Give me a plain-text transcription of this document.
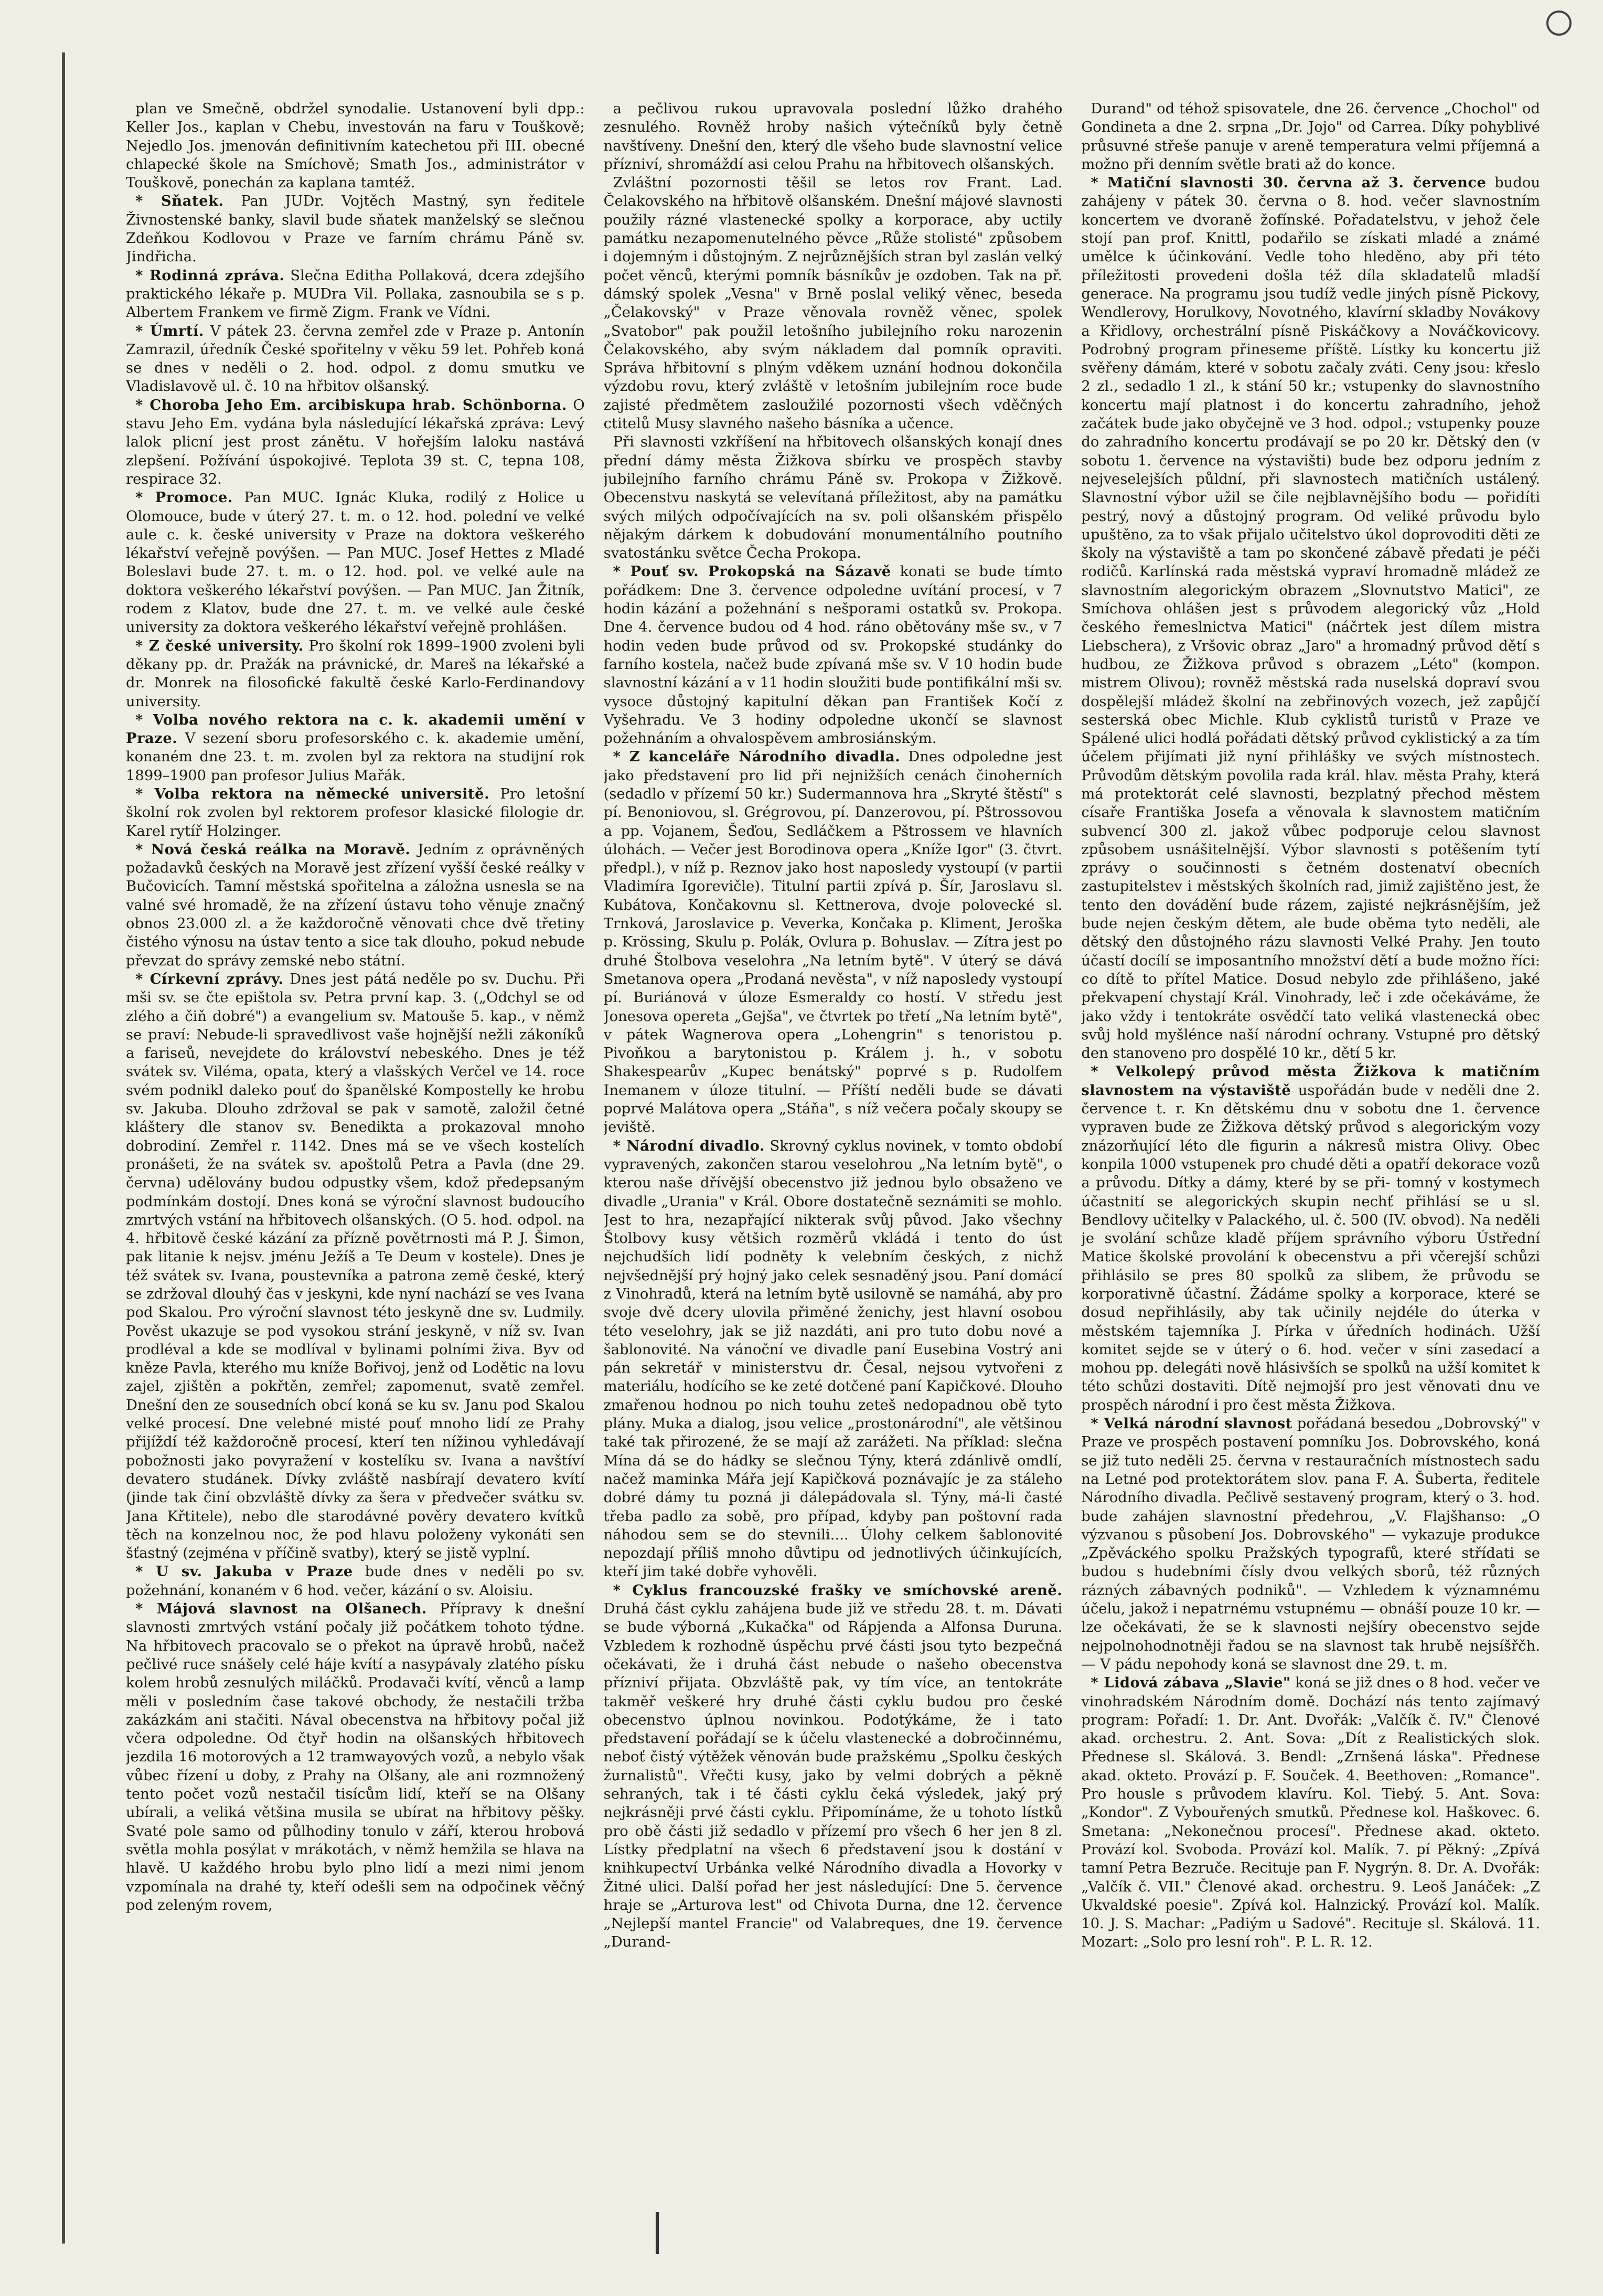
plan ve Smečně, obdržel synodalie. Ustanovení byli dpp.: Keller Jos., kaplan v Chebu, investován na faru v Touškově; Nejedlo Jos. jmenován definitivním katechetou při III. obecné chlapecké škole na Smíchově; Smath Jos., administrátor v Touškově, ponechán za kaplana tamtéž.

* Sňatek. Pan JUDr. Vojtěch Mastný, syn ředitele Živnostenské banky, slavil bude sňatek manželský se slečnou Zdeňkou Kodlovou v Praze ve farním chrámu Páně sv. Jindřicha.

* Rodinná zpráva. Slečna Editha Pollaková, dcera zdejšího praktického lékaře p. MUDra Vil. Pollaka, zasnoubila se s p. Albertem Frankem ve firmě Zigm. Frank ve Vídni.

* Úmrtí. V pátek 23. června zemřel zde v Praze p. Antonín Zamrazil, úředník České spořitelny v věku 59 let. Pohřeb koná se dnes v neděli o 2. hod. odpol. z domu smutku ve Vladislavově ul. č. 10 na hřbitov olšanský.

* Choroba Jeho Em. arcibiskupa hrab. Schönborna. O stavu Jeho Em. vydána byla následující lékařská zpráva: Levý lalok plicní jest prost zánětu. V hořejším laloku nastává zlepšení. Požívání úspokojivé. Teplota 39 st. C, tepna 108, respirace 32.

* Promoce. Pan MUC. Ignác Kluka, rodilý z Holice u Olomouce, bude v úterý 27. t. m. o 12. hod. polední ve velké aule c. k. české university v Praze na doktora veškerého lékařství veřejně povýšen. — Pan MUC. Josef Hettes z Mladé Boleslavi bude 27. t. m. o 12. hod. pol. ve velké aule na doktora veškerého lékařství povýšen. — Pan MUC. Jan Žitník, rodem z Klatov, bude dne 27. t. m. ve velké aule české university za doktora veškerého lékařství veřejně prohlášen.

* Z české university. Pro školní rok 1899–1900 zvoleni byli děkany pp. dr. Pražák na právnické, dr. Mareš na lékařské a dr. Monrek na filosofické fakultě české Karlo-Ferdinandovy university.

* Volba nového rektora na c. k. akademii umění v Praze. V sezení sboru profesorského c. k. akademie umění, konaném dne 23. t. m. zvolen byl za rektora na studijní rok 1899–1900 pan profesor Julius Mařák.

* Volba rektora na německé universitě. Pro letošní školní rok zvolen byl rektorem profesor klasické filologie dr. Karel rytíř Holzinger.

* Nová česká reálka na Moravě. Jedním z oprávněných požadavků českých na Moravě jest zřízení vyšší české reálky v Bučovicích. Tamní městská spořitelna a záložna usnesla se na valné své hromadě, že na zřízení ústavu toho věnuje značný obnos 23.000 zl. a že každoročně věnovati chce dvě třetiny čistého výnosu na ústav tento a sice tak dlouho, pokud nebude převzat do správy zemské nebo státní.

* Církevní zprávy. Dnes jest pátá neděle po sv. Duchu. Při mši sv. se čte epištola sv. Petra první kap. 3. („Odchyl se od zlého a čiň dobré") a evangelium sv. Matouše 5. kap., v němž se praví: Nebude-li spravedlivost vaše hojnější nežli zákoníků a fariseů, nevejdete do království nebeského. Dnes je též svátek sv. Viléma, opata, který a vlašských Verčel ve 14. roce svém podnikl daleko pouť do španělské Kompostelly ke hrobu sv. Jakuba. Dlouho zdržoval se pak v samotě, založil četné kláštery dle stanov sv. Benedikta a prokazoval mnoho dobrodiní. Zemřel r. 1142. Dnes má se ve všech kostelích pronášeti, že na svátek sv. apoštolů Petra a Pavla (dne 29. června) udělovány budou odpustky všem, kdož předepsaným podmínkám dostojí. Dnes koná se výroční slavnost budoucího zmrtvých vstání na hřbitovech olšanských. (O 5. hod. odpol. na 4. hřbitově české kázání za přízně povětrnosti má P. J. Šimon, pak litanie k nejsv. jménu Ježíš a Te Deum v kostele). Dnes je též svátek sv. Ivana, poustevníka a patrona země české, který se zdržoval dlouhý čas v jeskyni, kde nyní nachází se ves Ivana pod Skalou. Pro výroční slavnost této jeskyně dne sv. Ludmily. Pověst ukazuje se pod vysokou strání jeskyně, v níž sv. Ivan prodléval a kde se modlíval v bylinami polními živa. Byv od kněze Pavla, kterého mu kníže Bořivoj, jenž od Lodětic na lovu zajel, zjištěn a pokřtěn, zemřel; zapomenut, svatě zemřel. Dnešní den ze sousedních obcí koná se ku sv. Janu pod Skalou velké procesí. Dne velebné misté pouť mnoho lidí ze Prahy přijíždí též každoročně procesí, kterí ten nížinou vyhledávají pobožnosti jako povyražení v kostelíku sv. Ivana a navštíví devatero studánek. Dívky zvláště nasbírají devatero kvítí (jinde tak činí obzvláště dívky za šera v předvečer svátku sv. Jana Křtitele), nebo dle starodávné pověry devatero kvítků těch na konzelnou noc, že pod hlavu položeny vykonáti sen šťastný (zejména v příčině svatby), který se jistě vyplní.

* U sv. Jakuba v Praze bude dnes v neděli po sv. požehnání, konaném v 6 hod. večer, kázání o sv. Aloisiu.

* Májová slavnost na Olšanech. Přípravy k dnešní slavnosti zmrtvých vstání počaly již počátkem tohoto týdne. Na hřbitovech pracovalo se o překot na úpravě hrobů, načež pečlivé ruce snášely celé háje kvítí a nasypávaly zlatého písku kolem hrobů zesnulých miláčků. Prodavači kvítí, věnců a lamp měli v posledním čase takové obchody, že nestačili tržba zakázkám ani stačiti. Nával obecenstva na hřbitovy počal již včera odpoledne. Od čtyř hodin na olšanských hřbitovech jezdila 16 motorových a 12 tramwayových vozů, a nebylo však vůbec řízení u doby, z Prahy na Olšany, ale ani rozmnožený tento počet vozů nestačil tisícům lidí, kteří se na Olšany ubírali, a veliká většina musila se ubírat na hřbitovy pěšky. Svaté pole samo od půlhodiny tonulo v září, kterou hrobová světla mohla posýlat v mrákotách, v němž hemžila se hlava na hlavě. U každého hrobu bylo plno lidí a mezi nimi jenom vzpomínala na drahé ty, kteří odešli sem na odpočinek věčný pod zeleným rovem,

a pečlivou rukou upravovala poslední lůžko drahého zesnulého. Rovněž hroby našich výtečníků byly četně navštíveny. Dnešní den, který dle všeho bude slavnostní velice přízniví, shromáždí asi celou Prahu na hřbitovech olšanských.

Zvláštní pozornosti těšil se letos rov Frant. Lad. Čelakovského na hřbitově olšanském. Dnešní májové slavnosti použily rázné vlastenecké spolky a korporace, aby uctily památku nezapomenutelného pěvce „Růže stolisté" způsobem i dojemným i důstojným. Z nejrůznějších stran byl zaslán velký počet věnců, kterými pomník básníkův je ozdoben. Tak na př. dámský spolek „Vesna" v Brně poslal veliký věnec, beseda „Čelakovský" v Praze věnovala rovněž věnec, spolek „Svatobor" pak použil letošního jubilejního roku narozenin Čelakovského, aby svým nákladem dal pomník opraviti. Správa hřbitovní s plným vděkem uznání hodnou dokončila výzdobu rovu, který zvláště v letošním jubilejním roce bude zajisté předmětem zasloužilé pozornosti všech vděčných ctitelů Musy slavného našeho básníka a učence.

Při slavnosti vzkříšení na hřbitovech olšanských konají dnes přední dámy města Žižkova sbírku ve prospěch stavby jubilejního farního chrámu Páně sv. Prokopa v Žižkově. Obecenstvu naskytá se velevítaná příležitost, aby na památku svých milých odpočívajících na sv. poli olšanském přispělo nějakým dárkem k dobudování monumentálního poutního svatostánku světce Čecha Prokopa.

* Pouť sv. Prokopská na Sázavě konati se bude tímto pořádkem: Dne 3. července odpoledne uvítání procesí, v 7 hodin kázání a požehnání s nešporami ostatků sv. Prokopa. Dne 4. července budou od 4 hod. ráno obětovány mše sv., v 7 hodin veden bude průvod od sv. Prokopské studánky do farního kostela, načež bude zpívaná mše sv. V 10 hodin bude slavnostní kázání a v 11 hodin sloužiti bude pontifikální mši sv. vysoce důstojný kapitulní děkan pan František Kočí z Vyšehradu. Ve 3 hodiny odpoledne ukončí se slavnost požehnáním a ohvalospěvem ambrosiánským.

* Z kanceláře Národního divadla. Dnes odpoledne jest jako představení pro lid při nejnižších cenách činoherních (sedadlo v přízemí 50 kr.) Sudermannova hra „Skryté štěstí" s pí. Benoniovou, sl. Grégrovou, pí. Danzerovou, pí. Pštrossovou a pp. Vojanem, Šeďou, Sedláčkem a Pštrossem ve hlavních úlohách. — Večer jest Borodinova opera „Kníže Igor" (3. čtvrt. předpl.), v níž p. Reznov jako host naposledy vystoupí (v partii Vladimíra Igorevičle). Titulní partii zpívá p. Šír, Jaroslavu sl. Kubátova, Končakovnu sl. Kettnerova, dvoje polovecké sl. Trnková, Jaroslavice p. Veverka, Končaka p. Kliment, Jeroška p. Krössing, Skulu p. Polák, Ovlura p. Bohuslav. — Zítra jest po druhé Štolbova veselohra „Na letním bytě". V úterý se dává Smetanova opera „Prodaná nevěsta", v níž naposledy vystoupí pí. Buriánová v úloze Esmeraldy co hostí. V středu jest Jonesova opereta „Gejša", ve čtvrtek po třetí „Na letním bytě", v pátek Wagnerova opera „Lohengrin" s tenoristou p. Pivoňkou a barytonistou p. Králem j. h., v sobotu Shakespearův „Kupec benátský" poprvé s p. Rudolfem Inemanem v úloze titulní. — Příští neděli bude se dávati poprvé Malátova opera „Stáňa", s níž večera počaly skoupy se jeviště.

* Národní divadlo. Skrovný cyklus novinek, v tomto období vypravených, zakončen starou veselohrou „Na letním bytě", o kterou naše dřívější obecenstvo již jednou bylo obsaženo ve divadle „Urania" v Král. Obore dostatečně seznámiti se mohlo. Jest to hra, nezapřající nikterak svůj původ. Jako všechny Štolbovy kusy většich rozměrů vkládá i tento do úst nejchudších lidí podněty k velebním českých, z nichž nejvšednější prý hojný jako celek sesnaděný jsou. Paní domácí z Vinohradů, která na letním bytě usilovně se namáhá, aby pro svoje dvě dcery ulovila přiměné ženichy, jest hlavní osobou této veselohry, jak se již nazdáti, ani pro tuto dobu nové a šablonovité. Na vánoční ve divadle paní Eusebina Vostrý ani pán sekretář v ministerstvu dr. Česal, nejsou vytvořeni z materiálu, hodícího se ke zeté dotčené paní Kapičkové. Dlouho zmařenou hodnou po nich touhu zeteš nedopadnou obě tyto plány. Muka a dialog, jsou velice „prostonárodní", ale většinou také tak přirozené, že se mají až zarážeti. Na příklad: slečna Mína dá se do hádky se slečnou Týny, která zdánlivě omdlí, načež maminka Mářa její Kapičková poznávajíc je za stáleho dobré dámy tu pozná ji dálepádovala sl. Týny, má-li časté třeba padlo za sobě, pro případ, kdyby pan poštovní rada náhodou sem se do stevnili.... Úlohy celkem šablonovité nepozdají příliš mnoho důvtipu od jednotlivých účinkujících, kteří jim také dobře vyhověli.

* Cyklus francouzské frašky ve smíchovské areně. Druhá část cyklu zahájena bude již ve středu 28. t. m. Dávati se bude výborná „Kukačka" od Rápjenda a Alfonsa Duruna. Vzbledem k rozhodně úspěchu prvé části jsou tyto bezpečná očekávati, že i druhá část nebude o našeho obecenstva přízniví přijata. Obzvláště pak, vy tím více, an tentokráte takměř veškeré hry druhé části cyklu budou pro české obecenstvo úplnou novinkou. Podotýkáme, že i tato představení pořádají se k účelu vlastenecké a dobročinnému, neboť čistý výtěžek věnován bude pražskému „Spolku českých žurnalistů". Vřečti kusy, jako by velmi dobrých a pěkně sehraných, tak i té části cyklu čeká výsledek, jaký prý nejkrásněji prvé části cyklu. Připomínáme, že u tohoto lístků pro obě části již sedadlo v přízemí pro všech 6 her jen 8 zl. Lístky předplatní na všech 6 představení jsou k dostání v knihkupectví Urbánka velké Národního divadla a Hovorky v Žitné ulici. Další pořad her jest následující: Dne 5. července hraje se „Arturova lest" od Chivota Durna, dne 12. července „Nejlepší mantel Francie" od Valabreques, dne 19. července „Durand-

Durand" od téhož spisovatele, dne 26. července „Chochol" od Gondineta a dne 2. srpna „Dr. Jojo" od Carrea. Díky pohyblivé průsuvné střeše panuje v areně temperatura velmi příjemná a možno při denním světle brati až do konce.

* Matiční slavnosti 30. června až 3. července budou zahájeny v pátek 30. června o 8. hod. večer slavnostním koncertem ve dvoraně žofínské. Pořadatelstvu, v jehož čele stojí pan prof. Knittl, podařilo se získati mladé a známé umělce k účinkování. Vedle toho hleděno, aby při této příležitosti provedeni došla též díla skladatelů mladší generace. Na programu jsou tudíž vedle jiných písně Pickovy, Wendlerovy, Horulkovy, Novotného, klavírní skladby Novákovy a Křidlovy, orchestrální písně Piskáčkovy a Nováčkovicovy. Podrobný program přineseme příště. Lístky ku koncertu již svěřeny dámám, které v sobotu začaly zváti. Ceny jsou: křeslo 2 zl., sedadlo 1 zl., k stání 50 kr.; vstupenky do slavnostního koncertu mají platnost i do koncertu zahradního, jehož začátek bude jako obyčejně ve 3 hod. odpol.; vstupenky pouze do zahradního koncertu prodávají se po 20 kr. Dětský den (v sobotu 1. července na výstavišti) bude bez odporu jedním z nejveselejších půldní, při slavnostech matičních ustálený. Slavnostní výbor užil se čile nejblavnějšího bodu — pořidíti pestrý, nový a důstojný program. Od veliké průvodu bylo upuštěno, za to však přijalo učitelstvo úkol doprovoditi děti ze školy na výstaviště a tam po skončené zábavě předati je péči rodičů. Karlínská rada městská vypraví hromadně mládež ze slavnostním alegorickým obrazem „Slovnutstvo Matici", ze Smíchova ohlášen jest s průvodem alegorický vůz „Hold českého řemeslnictva Matici" (náčrtek jest dílem mistra Liebschera), z Vršovic obraz „Jaro" a hromadný průvod dětí s hudbou, ze Žižkova průvod s obrazem „Léto" (kompon. mistrem Olivou); rovněž městská rada nuselská dopraví svou dospělejší mládež školní na zebřinových vozech, jež zapůjčí sesterská obec Michle. Klub cyklistů turistů v Praze ve Spálené ulici hodlá pořádati dětský průvod cyklistický a za tím účelem přijímati již nyní přihlášky ve svých místnostech. Průvodům dětským povolila rada král. hlav. města Prahy, která má protektorát celé slavnosti, bezplatný přechod městem císaře Františka Josefa a věnovala k slavnostem matičním subvencí 300 zl. jakož vůbec podporuje celou slavnost způsobem usnášitelnější. Výbor slavnosti s potěšením tytí zprávy o součinnosti s četném dostenatví obecních zastupitelstev i městských školních rad, jimiž zajištěno jest, že tento den dovádění bude rázem, zajisté nejkrásnějším, jež bude nejen českým dětem, ale bude oběma tyto neděli, ale dětský den důstojného rázu slavnosti Velké Prahy. Jen touto účastí docílí se imposantního množství dětí a bude možno říci: co dítě to přítel Matice. Dosud nebylo zde přihlášeno, jaké překvapení chystají Král. Vinohrady, leč i zde očekáváme, že jako vždy i tentokráte osvědčí tato veliká vlastenecká obec svůj hold myšlénce naší národní ochrany. Vstupné pro dětský den stanoveno pro dospělé 10 kr., dětí 5 kr.

* Velkolepý průvod města Žižkova k matičním slavnostem na výstaviště uspořádán bude v neděli dne 2. července t. r. Kn dětskému dnu v sobotu dne 1. července vypraven bude ze Žižkova dětský průvod s alegorickým vozy znázorňující léto dle figurin a nákresů mistra Olivy. Obec konpila 1000 vstupenek pro chudé děti a opatří dekorace vozů a průvodu. Dítky a dámy, které by se při- tomný v kostymech účastnití se alegorických skupin nechť přihlásí se u sl. Bendlovy učitelky v Palackého, ul. č. 500 (IV. obvod). Na neděli je svolání schůze kladě příjem správního výboru Ústřední Matice školské provolání k obecenstvu a při včerejší schůzi přihlásilo se pres 80 spolků za slibem, že průvodu se korporativně účastní. Žádáme spolky a korporace, které se dosud nepřihlásily, aby tak učinily nejdéle do úterka v městském tajemníka J. Pírka v úředních hodinách. Užší komitet sejde se v úterý o 6. hod. večer v síni zasedací a mohou pp. delegáti nově hlásivších se spolků na užší komitet k této schůzi dostaviti. Dítě nejmojší pro jest věnovati dnu ve prospěch národní i pro čest města Žižkova.

* Velká národní slavnost pořádaná besedou „Dobrovský" v Praze ve prospěch postavení pomníku Jos. Dobrovského, koná se již tuto neděli 25. června v restauračních místnostech sadu na Letné pod protektorátem slov. pana F. A. Šuberta, ředitele Národního divadla. Pečlivě sestavený program, který o 3. hod. bude zahájen slavnostní předehrou, „V. Flajšhanso: „O výzvanou s působení Jos. Dobrovského" — vykazuje produkce „Zpěváckého spolku Pražských typografů, které střídati se budou s hudebními čísly dvou velkých sborů, též různých rázných zábavných podniků". — Vzhledem k významnému účelu, jakož i nepatrnému vstupnému — obnáší pouze 10 kr. — lze očekávati, že se k slavnosti nejšíry obecenstvo sejde nejpolnohodnotněji řadou se na slavnost tak hrubě nejsíšřčh. — V pádu nepohody koná se slavnost dne 29. t. m.

* Lidová zábava „Slavie" koná se již dnes o 8 hod. večer ve vinohradském Národním domě. Dochází nás tento zajímavý program: Pořadí: 1. Dr. Ant. Dvořák: „Valčík č. IV." Členové akad. orchestru. 2. Ant. Sova: „Dít z Realistických slok. Přednese sl. Skálová. 3. Bendl: „Zrnšená láska". Přednese akad. okteto. Provází p. F. Souček. 4. Beethoven: „Romance". Pro housle s průvodem klavíru. Kol. Tiebý. 5. Ant. Sova: „Kondor". Z Vybouřených smutků. Přednese kol. Haškovec. 6. Smetana: „Nekonečnou procesí". Přednese akad. okteto. Provází kol. Svoboda. Provází kol. Malík. 7. pí Pěkný: „Zpívá tamní Petra Bezruče. Recituje pan F. Nygrýn. 8. Dr. A. Dvořák: „Valčík č. VII." Členové akad. orchestru. 9. Leoš Janáček: „Z Ukvaldské poesie". Zpívá kol. Halnzický. Provází kol. Malík. 10. J. S. Machar: „Padiým u Sadové". Recituje sl. Skálová. 11. Mozart: „Solo pro lesní roh". P. L. R. 12.
